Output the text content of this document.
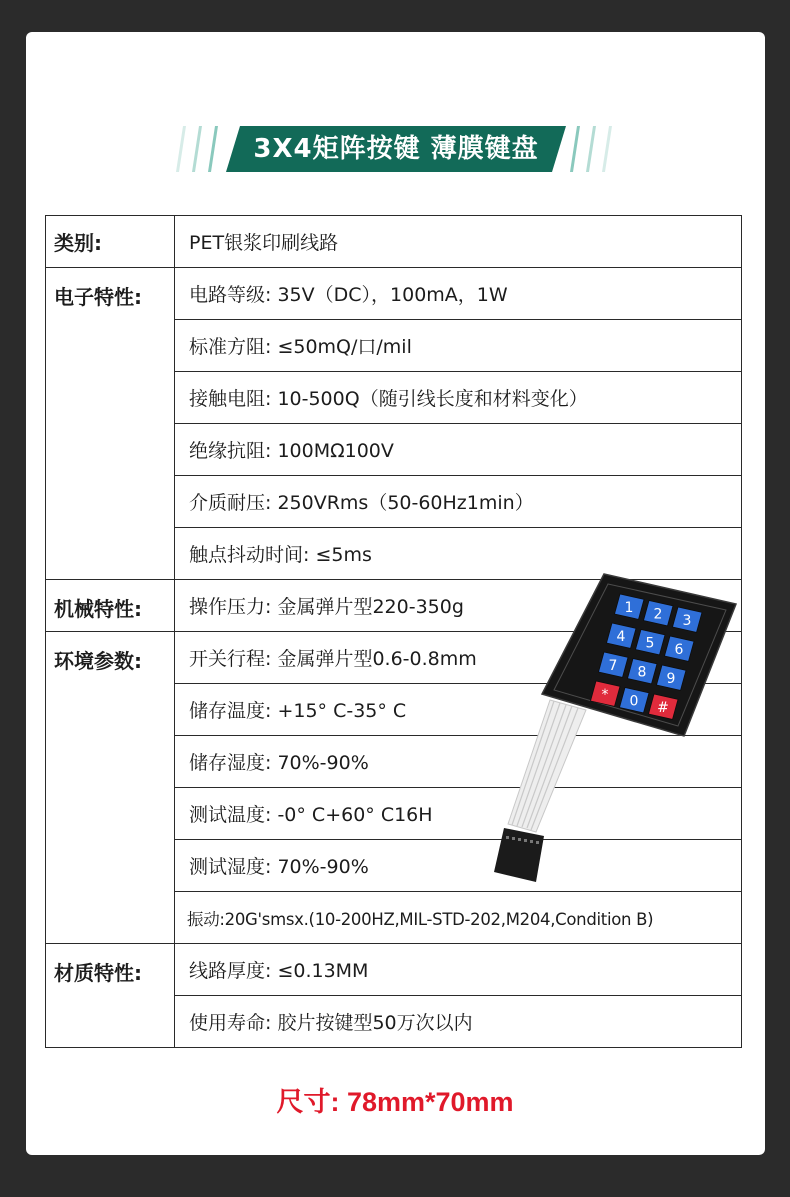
3X4矩阵按键 薄膜键盘
类别:	PET银浆印刷线路
电子特性:	电路等级: 35V（DC），100mA，1W
	标准方阻: ≤50mQ/口/mil
	接触电阻: 10-500Q（随引线长度和材料变化）
	绝缘抗阻: 100MΩ100V
	介质耐压: 250VRms（50-60Hz1min）
	触点抖动时间: ≤5ms
机械特性:	操作压力: 金属弹片型220-350g
环境参数:	开关行程: 金属弹片型0.6-0.8mm
	储存温度: +15° C-35° C
	储存湿度: 70%-90%
	测试温度: -0° C+60° C16H
	测试湿度: 70%-90%
	振动:20G'smsx.(10-200HZ,MIL-STD-202,M204,Condition B)
材质特性:	线路厚度: ≤0.13MM
	使用寿命: 胶片按键型50万次以内
1 2 3
4 5 6
7 8 9
* 0 #
尺寸: 78mm*70mm
